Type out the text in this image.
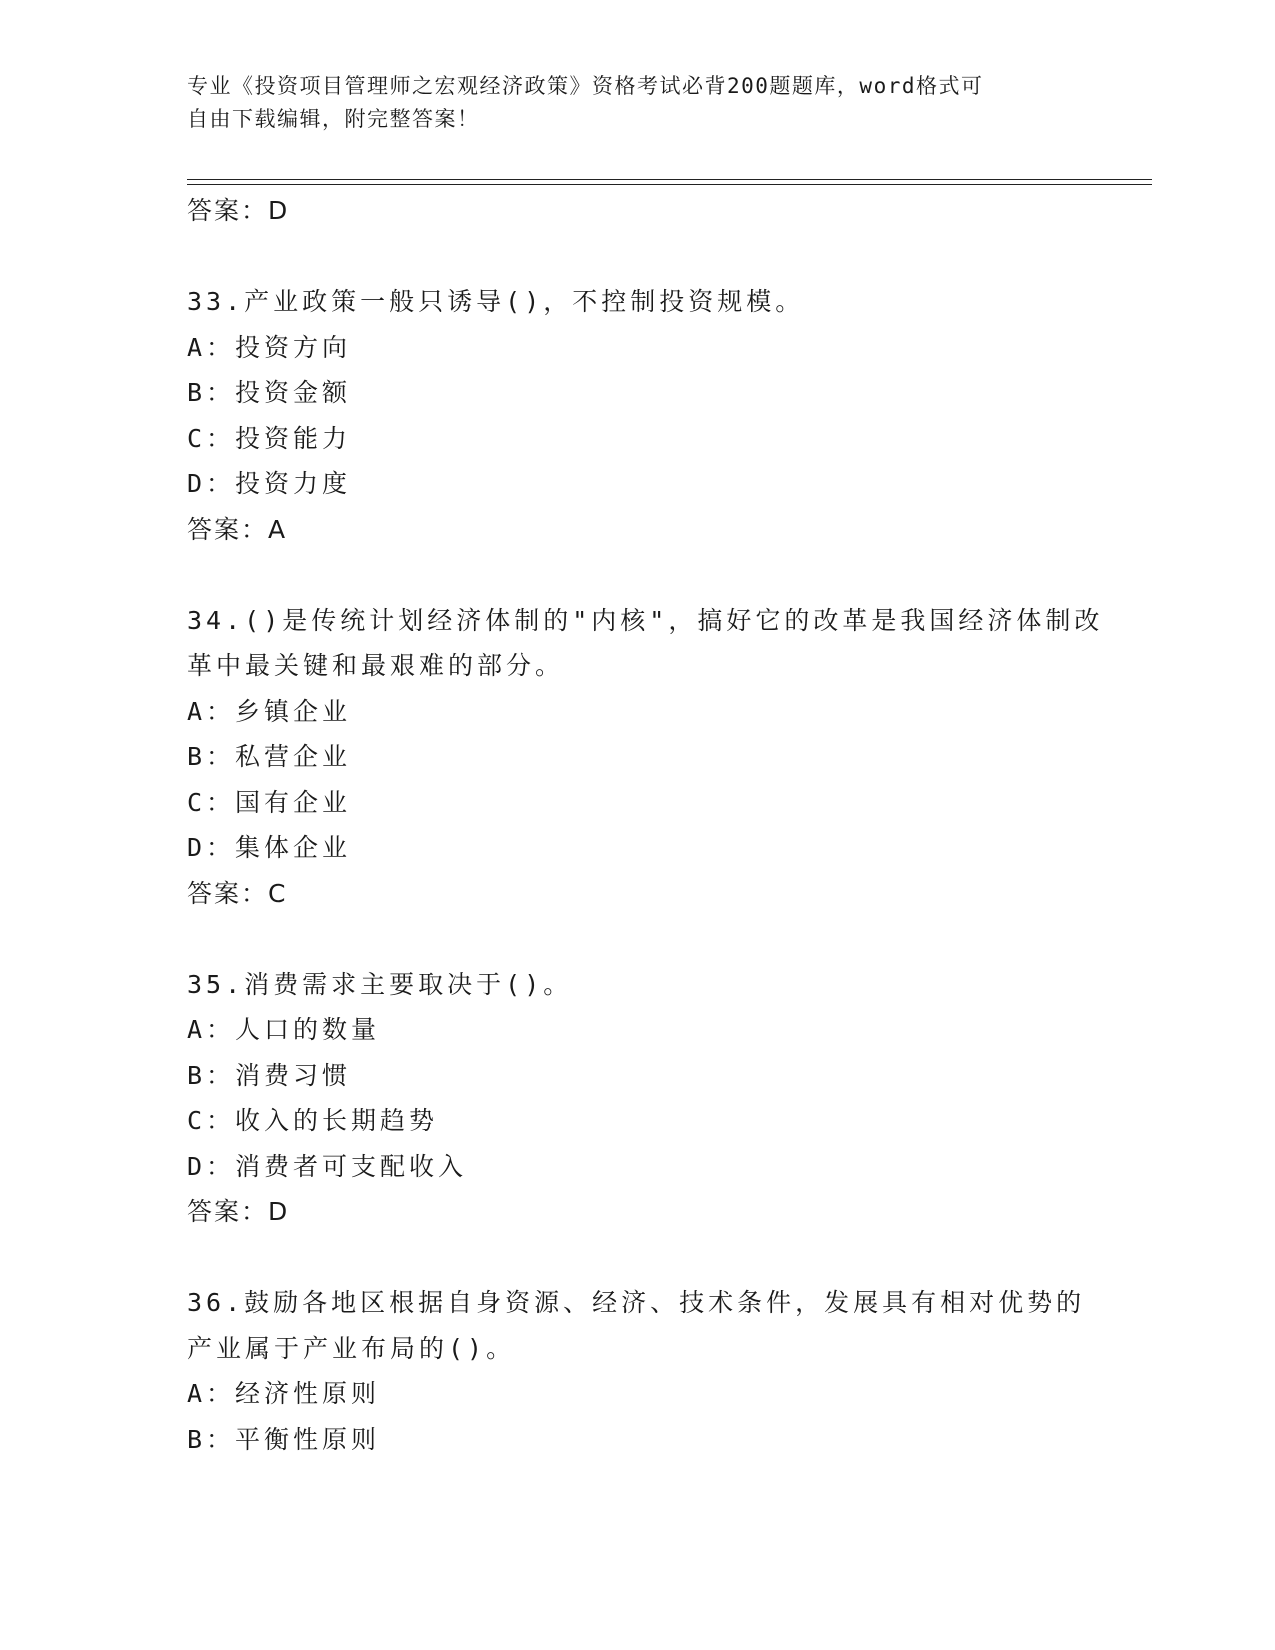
专业《投资项目管理师之宏观经济政策》资格考试必背200题题库，word格式可
自由下载编辑，附完整答案！
答案：D
33.产业政策一般只诱导()，不控制投资规模。
A：投资方向
B：投资金额
C：投资能力
D：投资力度
答案：A
34.()是传统计划经济体制的"内核"，搞好它的改革是我国经济体制改
革中最关键和最艰难的部分。
A：乡镇企业
B：私营企业
C：国有企业
D：集体企业
答案：C
35.消费需求主要取决于()。
A：人口的数量
B：消费习惯
C：收入的长期趋势
D：消费者可支配收入
答案：D
36.鼓励各地区根据自身资源、经济、技术条件，发展具有相对优势的
产业属于产业布局的()。
A：经济性原则
B：平衡性原则
